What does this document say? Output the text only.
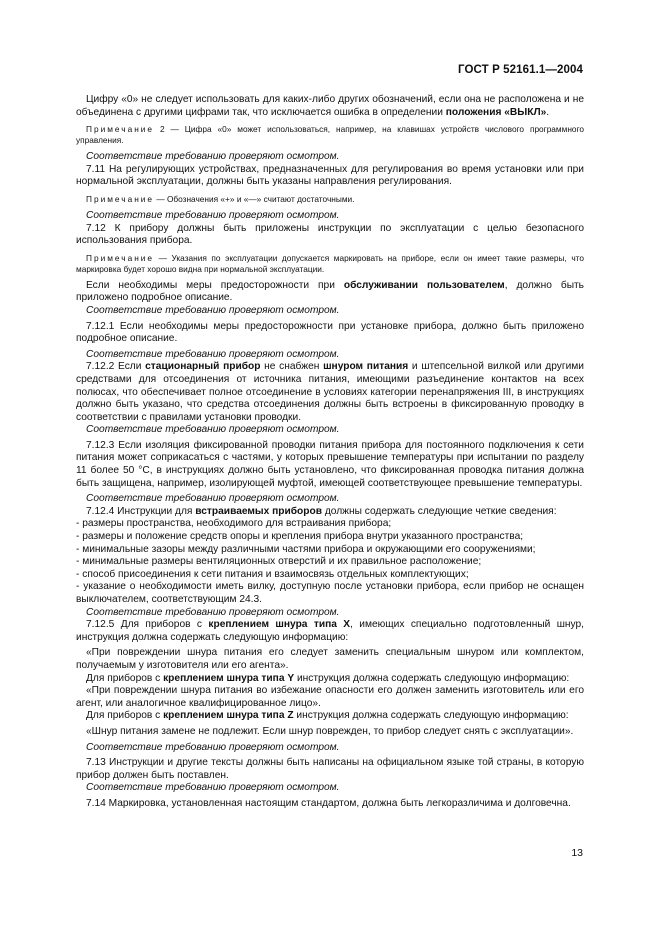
ГОСТ Р 52161.1—2004

Цифру «0» не следует использовать для каких-либо других обозначений, если она не расположена и не объединена с другими цифрами так, что исключается ошибка в определении положения «ВЫКЛ».

Примечание 2 — Цифра «0» может использоваться, например, на клавишах устройств числового программного управления.

Соответствие требованию проверяют осмотром.

7.11 На регулирующих устройствах, предназначенных для регулирования во время установки или при нормальной эксплуатации, должны быть указаны направления регулирования.

Примечание — Обозначения «+» и «—» считают достаточными.

Соответствие требованию проверяют осмотром.

7.12 К прибору должны быть приложены инструкции по эксплуатации с целью безопасного использования прибора.

Примечание — Указания по эксплуатации допускается маркировать на приборе, если он имеет такие размеры, что маркировка будет хорошо видна при нормальной эксплуатации.

Если необходимы меры предосторожности при обслуживании пользователем, должно быть приложено подробное описание.

Соответствие требованию проверяют осмотром.

7.12.1 Если необходимы меры предосторожности при установке прибора, должно быть приложено подробное описание.

Соответствие требованию проверяют осмотром.

7.12.2 Если стационарный прибор не снабжен шнуром питания и штепсельной вилкой или другими средствами для отсоединения от источника питания, имеющими разъединение контактов на всех полюсах, что обеспечивает полное отсоединение в условиях категории перенапряжения III, в инструкциях должно быть указано, что средства отсоединения должны быть встроены в фиксированную проводку в соответствии с правилами установки проводки.

Соответствие требованию проверяют осмотром.

7.12.3 Если изоляция фиксированной проводки питания прибора для постоянного подключения к сети питания может соприкасаться с частями, у которых превышение температуры при испытании по разделу 11 более 50 °С, в инструкциях должно быть установлено, что фиксированная проводка питания должна быть защищена, например, изолирующей муфтой, имеющей соответствующее превышение температуры.

Соответствие требованию проверяют осмотром.

7.12.4 Инструкции для встраиваемых приборов должны содержать следующие четкие сведения:

- размеры пространства, необходимого для встраивания прибора;

- размеры и положение средств опоры и крепления прибора внутри указанного пространства;

- минимальные зазоры между различными частями прибора и окружающими его сооружениями;

- минимальные размеры вентиляционных отверстий и их правильное расположение;

- способ присоединения к сети питания и взаимосвязь отдельных комплектующих;

- указание о необходимости иметь вилку, доступную после установки прибора, если прибор не оснащен выключателем, соответствующим 24.3.

Соответствие требованию проверяют осмотром.

7.12.5 Для приборов с креплением шнура типа X, имеющих специально подготовленный шнур, инструкция должна содержать следующую информацию:

«При повреждении шнура питания его следует заменить специальным шнуром или комплектом, получаемым у изготовителя или его агента».

Для приборов с креплением шнура типа Y инструкция должна содержать следующую информацию:

«При повреждении шнура питания во избежание опасности его должен заменить изготовитель или его агент, или аналогичное квалифицированное лицо».

Для приборов с креплением шнура типа Z инструкция должна содержать следующую информацию:

«Шнур питания замене не подлежит. Если шнур поврежден, то прибор следует снять с эксплуатации».

Соответствие требованию проверяют осмотром.

7.13 Инструкции и другие тексты должны быть написаны на официальном языке той страны, в которую прибор должен быть поставлен.

Соответствие требованию проверяют осмотром.

7.14 Маркировка, установленная настоящим стандартом, должна быть легкоразличима и долговечна.

13
